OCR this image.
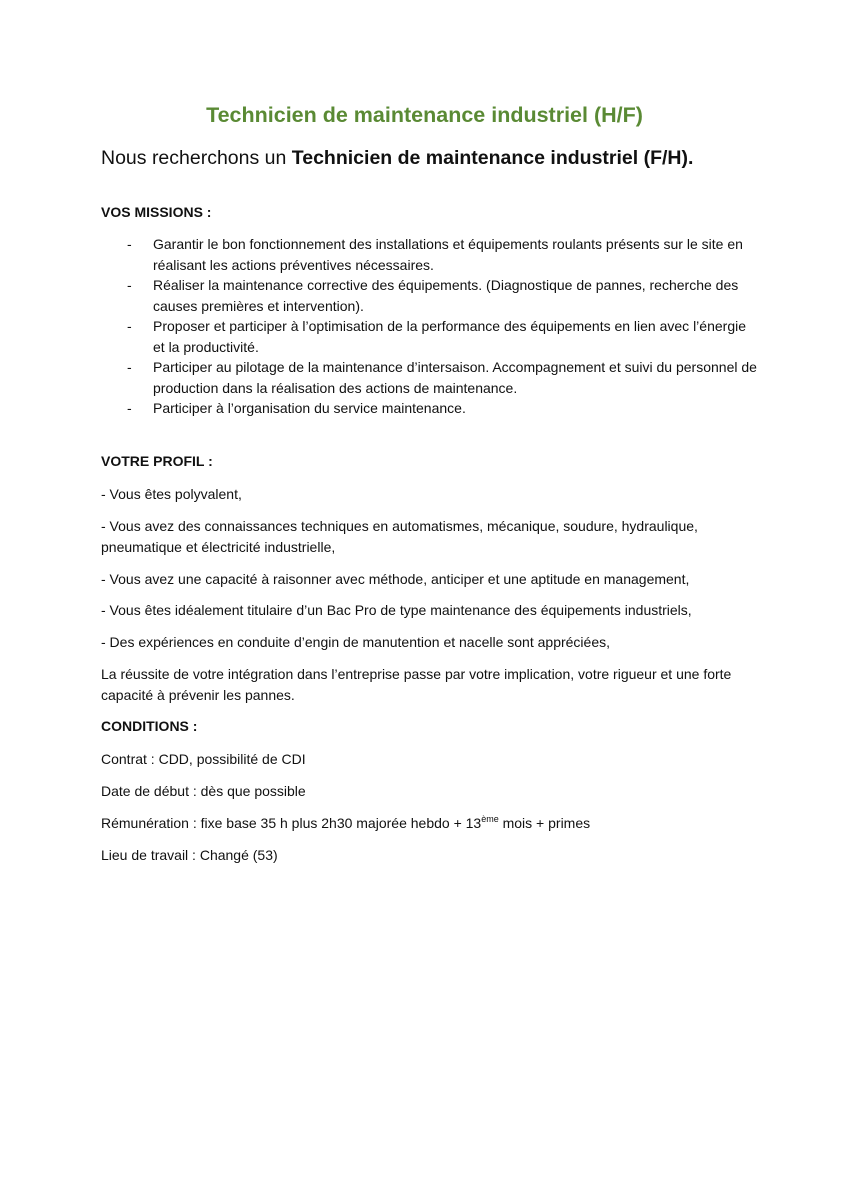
Technicien de maintenance industriel (H/F)

Nous recherchons un Technicien de maintenance industriel (F/H).

VOS MISSIONS :

- Garantir le bon fonctionnement des installations et équipements roulants présents sur le site en réalisant les actions préventives nécessaires.
- Réaliser la maintenance corrective des équipements. (Diagnostique de pannes, recherche des causes premières et intervention).
- Proposer et participer à l’optimisation de la performance des équipements en lien avec l’énergie et la productivité.
- Participer au pilotage de la maintenance d’intersaison. Accompagnement et suivi du personnel de production dans la réalisation des actions de maintenance.
- Participer à l’organisation du service maintenance.

VOTRE PROFIL :

- Vous êtes polyvalent,

- Vous avez des connaissances techniques en automatismes, mécanique, soudure, hydraulique, pneumatique et électricité industrielle,

- Vous avez une capacité à raisonner avec méthode, anticiper et une aptitude en management,

- Vous êtes idéalement titulaire d’un Bac Pro de type maintenance des équipements industriels,

- Des expériences en conduite d’engin de manutention et nacelle sont appréciées,

La réussite de votre intégration dans l’entreprise passe par votre implication, votre rigueur et une forte capacité à prévenir les pannes.

CONDITIONS :

Contrat : CDD, possibilité de CDI

Date de début : dès que possible

Rémunération : fixe base 35 h plus 2h30 majorée hebdo + 13ème mois + primes

Lieu de travail : Changé (53)
